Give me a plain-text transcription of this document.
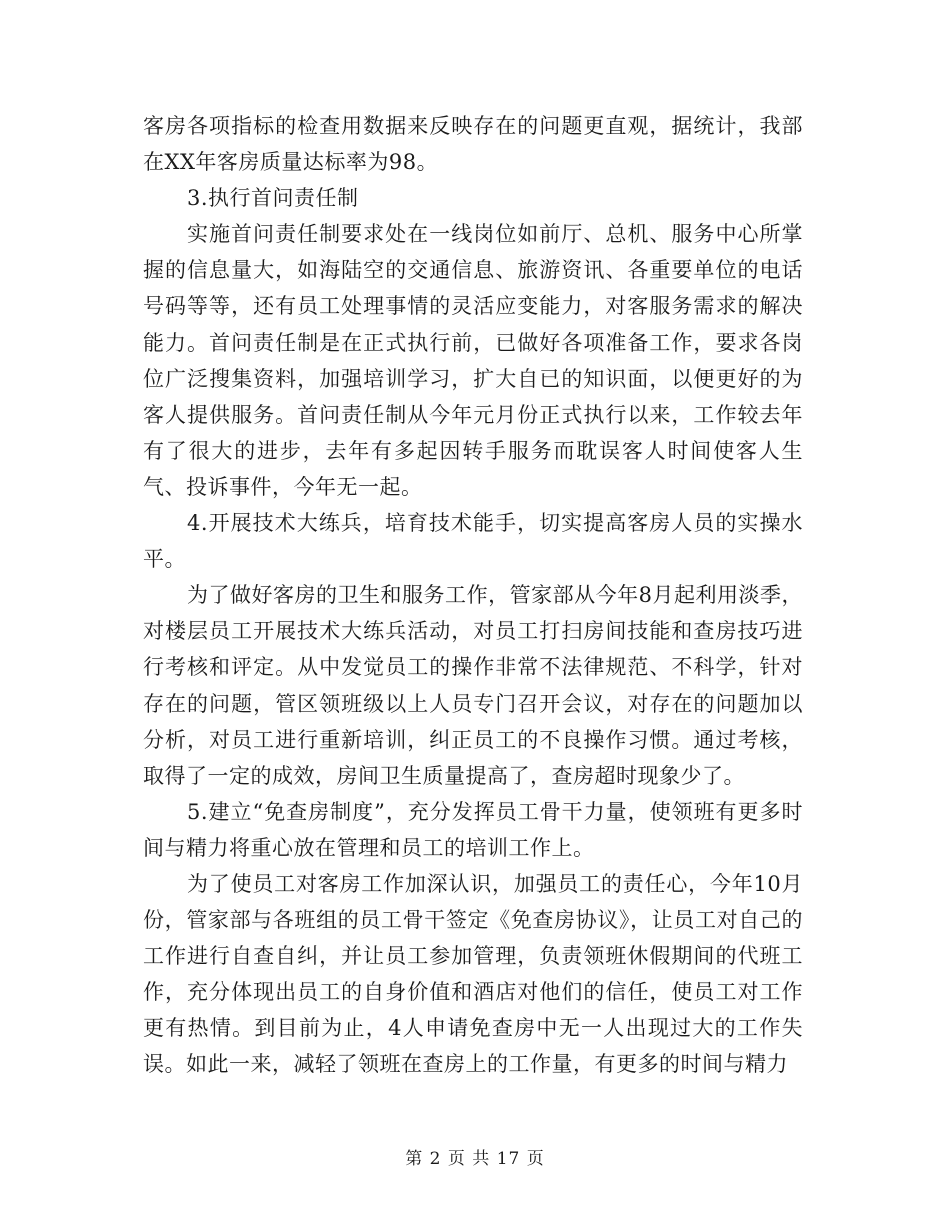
客房各项指标的检查用数据来反映存在的问题更直观，据统计，我部在XX年客房质量达标率为98。

3.执行首问责任制

实施首问责任制要求处在一线岗位如前厅、总机、服务中心所掌握的信息量大，如海陆空的交通信息、旅游资讯、各重要单位的电话号码等等，还有员工处理事情的灵活应变能力，对客服务需求的解决能力。首问责任制是在正式执行前，已做好各项准备工作，要求各岗位广泛搜集资料，加强培训学习，扩大自已的知识面，以便更好的为客人提供服务。首问责任制从今年元月份正式执行以来，工作较去年有了很大的进步，去年有多起因转手服务而耽误客人时间使客人生气、投诉事件，今年无一起。

4.开展技术大练兵，培育技术能手，切实提高客房人员的实操水平。

为了做好客房的卫生和服务工作，管家部从今年8月起利用淡季，对楼层员工开展技术大练兵活动，对员工打扫房间技能和查房技巧进行考核和评定。从中发觉员工的操作非常不法律规范、不科学，针对存在的问题，管区领班级以上人员专门召开会议，对存在的问题加以分析，对员工进行重新培训，纠正员工的不良操作习惯。通过考核，取得了一定的成效，房间卫生质量提高了，查房超时现象少了。

5.建立“免查房制度”，充分发挥员工骨干力量，使领班有更多时间与精力将重心放在管理和员工的培训工作上。

为了使员工对客房工作加深认识，加强员工的责任心，今年10月份，管家部与各班组的员工骨干签定《免查房协议》，让员工对自己的工作进行自查自纠，并让员工参加管理，负责领班休假期间的代班工作，充分体现出员工的自身价值和酒店对他们的信任，使员工对工作更有热情。到目前为止，4人申请免查房中无一人出现过大的工作失误。如此一来，减轻了领班在查房上的工作量，有更多的时间与精力

第 2 页 共 17 页
